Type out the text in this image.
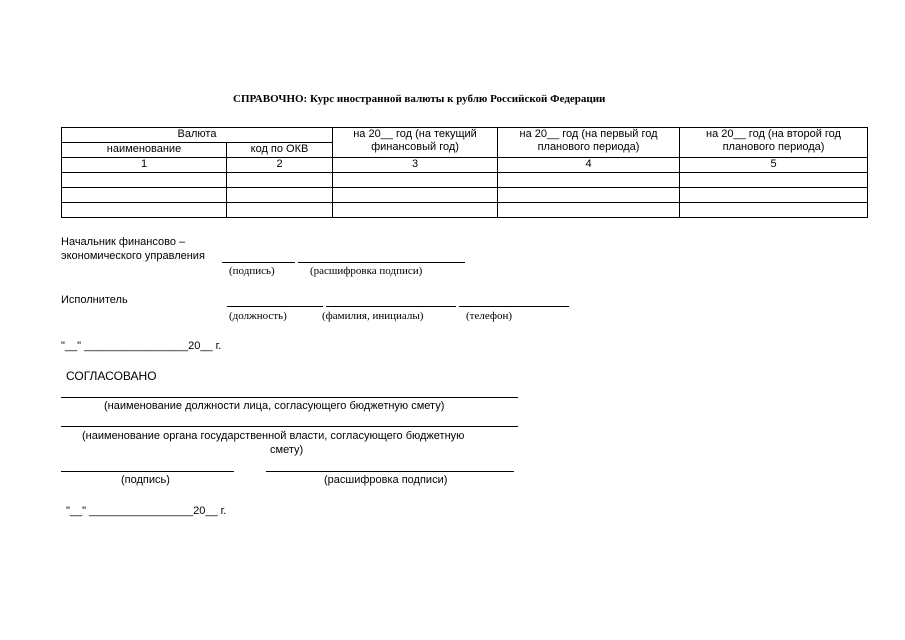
СПРАВОЧНО: Курс иностранной валюты к рублю Российской Федерации
Валюта		на 20__ год (на текущий финансовый год)	на 20__ год (на первый год планового периода)	на 20__ год (на второй год планового периода)
наименование	код по ОКВ			
1	2	3	4	5

Начальник финансово –
экономического управления
(подпись)	(расшифровка подписи)
Исполнитель
(должность)	(фамилия, инициалы)	(телефон)
"__" _________________20__ г.
СОГЛАСОВАНО
(наименование должности лица, согласующего бюджетную смету)
(наименование органа государственной власти, согласующего бюджетную
смету)
(подпись)	(расшифровка подписи)
"__" _________________20__ г.
